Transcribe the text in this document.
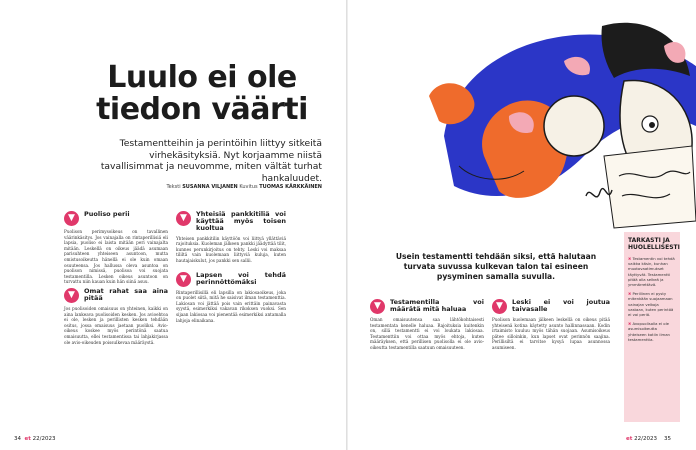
Luulo ei ole
tiedon väärti
Testamentteihin ja perintöihin liittyy sitkeitä virhekäsityksiä. Nyt korjaamme niistä tavallisimmat ja neuvomme, miten vältät turhat hankaluudet.
Teksti SUSANNA VILJANEN Kuvitus TUOMAS KÄRKKÄINEN
▼	Puoliso perii

Puolison perimysoikeus on tavallinen väärinkäsitys. Jos vainajalla on rintaperillisiä eli lapsia, puoliso ei laista mitään peri vainajalta mitään. Leskellä on oikeus jäädä asumaan parisuhteen yhteiseen asuntoon, mutta omistusoikeutta hänellä ei ole kuin omaan osuuteensa. Jos hallussa oleva asuntoa on puolison nimissä, puolisoa voi suojata testamentilla. Lesken oikeus asuntoon on turvattu niin kauan kuin hän siinä asuu.

▼	Omat rahat saa aina pitää

Jos puolisoiden omaisuus on yhteinen, kaikki on aina lankeava puolisoiden kesken. Jos avioehtoa ei ole, lesken ja perillisten kesken tehdään ositus, jossa omaisuus jaetaan puoliksi. Avio-oikeus koskee myös perintönä saatua omaisuutta, ellei testamentissa tai lahjakirjassa ole avio-oikeuden poissulkevaa määräystä.

▼	Yhteisiä pankkitiliä voi käyttää myös toisen kuoltua

Yhteisen pankkitilin käyttöön voi liittyä yllättäviä rajoituksia. Kuoleman jälkeen pankki jäädyttää tilit, kunnes perunkirjoitus on tehty. Leski voi maksaa tililtä vain kuolemaan liittyviä kuluja, kuten hautajaiskulut, jos pankki sen sallii.

▼	Lapsen voi tehdä perinnöttömäksi

Rintaperillisillä eli lapsilla on lakiosaoikeus, joka on puolet siitä, mitä he saisivat ilman testamenttia. Lakiosan voi jättää pois vain erittäin painavasta syystä, esimerkiksi vakavan rikoksen vuoksi. Sen sijaan lakiosaa voi pienentää esimerkiksi antamalla lahjoja elinaikana.

34 et 22/2023
Usein testamentti tehdään siksi, että halutaan turvata suvussa kulkevan talon tai esineen pysyminen samalla suvulla.
▼	Testamentilla voi määrätä mitä haluaa

Oman omaisuutensa saa lähtökohtaisesti testamentata kenelle haluaa. Rajoituksia kuitenkin on, sillä testamentti ei voi loukata lakiosaa. Testamenttiin voi ottaa myös ehtoja, kuten määräyksen, että perillisen puolisolla ei ole avio-oikeutta testamentilla saatuun omaisuuteen.

▼	Leski ei voi joutua taivasalle

Puolison kuolemaan jälkeen leskellä on oikeus pitää yhteisenä kotina käytetty asunto hallinnassaan. Kodin irtaimisto kuuluu myös tähän suojaan. Asumisoikeus pätee silloinkin, kun lapset ovat perinnön saajina. Perillisiltä ei tarvitse kysyä lupaa asunnossa asumiseen.

TARKASTI JA HUOLELLISESTI
✖ Testamentin voi tehdä vaikka käsin, kunhan muotovaatimukset täyttyvät. Testamentti pitää olla selkeä ja ymmärrettävä.
✖ Perillinen ei pysty mitenkään suojaamaan vainajan velkoja vastaan, kuten perintöä ei voi periä.
✖ Avopuolisolla ei ole asumisoikeutta yhteiseen kotiin ilman testamenttia.
et 22/2023 35
